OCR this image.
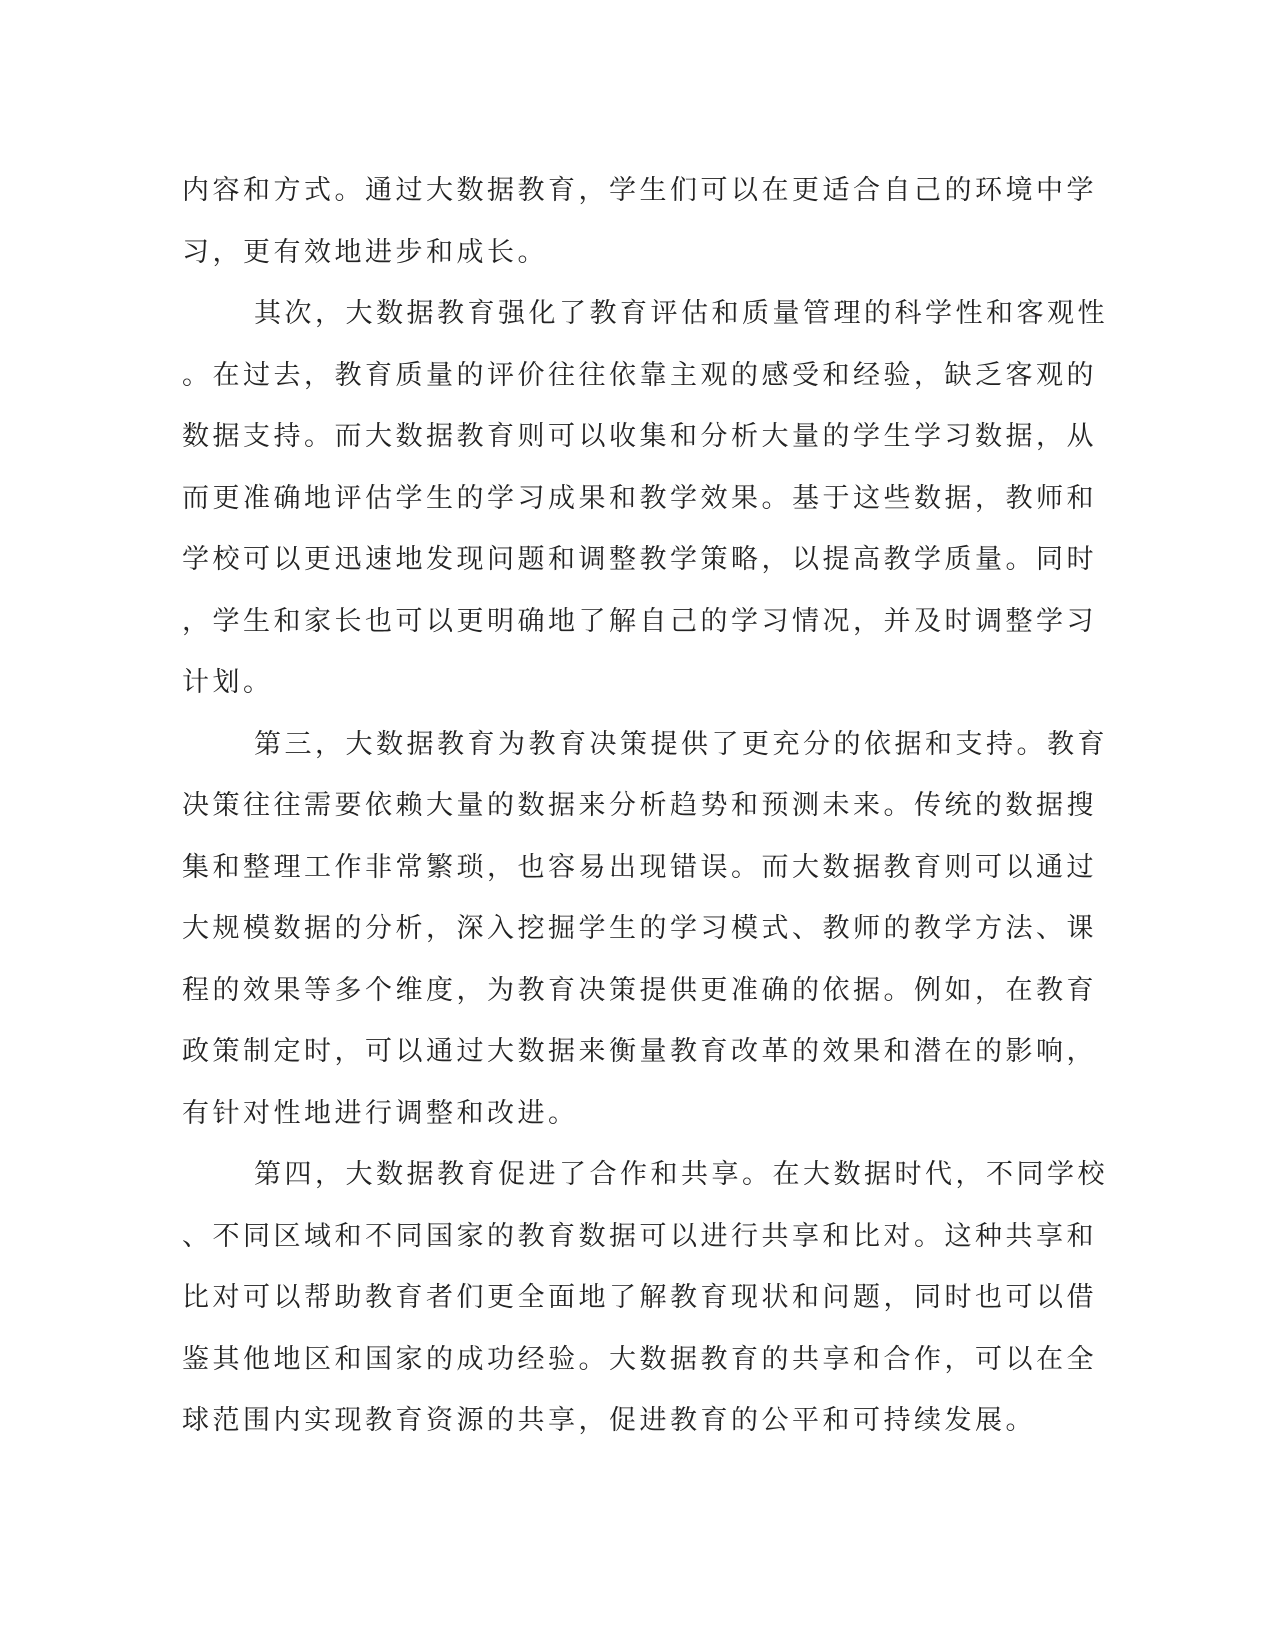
内容和方式。通过大数据教育，学生们可以在更适合自己的环境中学
习，更有效地进步和成长。
其次，大数据教育强化了教育评估和质量管理的科学性和客观性
。在过去，教育质量的评价往往依靠主观的感受和经验，缺乏客观的
数据支持。而大数据教育则可以收集和分析大量的学生学习数据，从
而更准确地评估学生的学习成果和教学效果。基于这些数据，教师和
学校可以更迅速地发现问题和调整教学策略，以提高教学质量。同时
，学生和家长也可以更明确地了解自己的学习情况，并及时调整学习
计划。
第三，大数据教育为教育决策提供了更充分的依据和支持。教育
决策往往需要依赖大量的数据来分析趋势和预测未来。传统的数据搜
集和整理工作非常繁琐，也容易出现错误。而大数据教育则可以通过
大规模数据的分析，深入挖掘学生的学习模式、教师的教学方法、课
程的效果等多个维度，为教育决策提供更准确的依据。例如，在教育
政策制定时，可以通过大数据来衡量教育改革的效果和潜在的影响，
有针对性地进行调整和改进。
第四，大数据教育促进了合作和共享。在大数据时代，不同学校
、不同区域和不同国家的教育数据可以进行共享和比对。这种共享和
比对可以帮助教育者们更全面地了解教育现状和问题，同时也可以借
鉴其他地区和国家的成功经验。大数据教育的共享和合作，可以在全
球范围内实现教育资源的共享，促进教育的公平和可持续发展。
